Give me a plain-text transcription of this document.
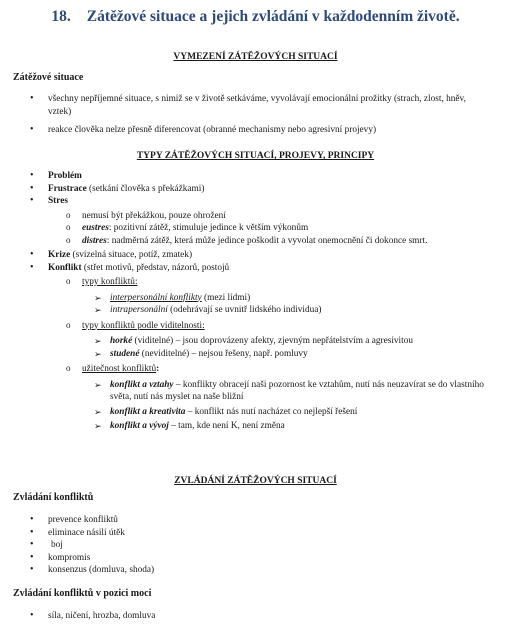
18. Zátěžové situace a jejich zvládání v každodenním životě.
VYMEZENÍ ZÁTĚŽOVÝCH SITUACÍ
Zátěžové situace
• všechny nepříjemné situace, s nimiž se v životě setkáváme, vyvolávají emocionální prožitky (strach, zlost, hněv, vztek)
• reakce člověka nelze přesně diferencovat (obranné mechanismy nebo agresivní projevy)
TYPY ZÁTĚŽOVÝCH SITUACÍ, PROJEVY, PRINCIPY
• Problém
• Frustrace (setkání člověka s překážkami)
• Stres
o nemusí být překážkou, pouze ohrožení
o eustres: pozitivní zátěž, stimuluje jedince k větším výkonům
o distres: nadměrná zátěž, která může jedince poškodit a vyvolat onemocnění či dokonce smrt.
• Krize (svízelná situace, potíž, zmatek)
• Konflikt (střet motivů, představ, názorů, postojů
o typy konfliktů:
➢ interpersonální konflikty (mezi lidmi)
➢ intrapersonální (odehrávají se uvnitř lidského individua)
o typy konfliktů podle viditelnosti:
➢ horké (viditelné) – jsou doprovázeny afekty, zjevným nepřátelstvím a agresivitou
➢ studené (neviditelné) – nejsou řešeny, např. pomluvy
o užitečnost konfliktů:
➢ konflikt a vztahy – konflikty obracejí naši pozornost ke vztahům, nutí nás neuzavírat se do vlastního světa, nutí nás myslet na naše bližní
➢ konflikt a kreativita – konflikt nás nutí nacházet co nejlepší řešení
➢ konflikt a vývoj – tam, kde není K, není změna
ZVLÁDÁNÍ ZÁTĚŽOVÝCH SITUACÍ
Zvládání konfliktů
• prevence konfliktů
• eliminace násilí útěk
• boj
• kompromis
• konsenzus (domluva, shoda)
Zvládání konfliktů v pozici moci
• síla, ničení, hrozba, domluva
